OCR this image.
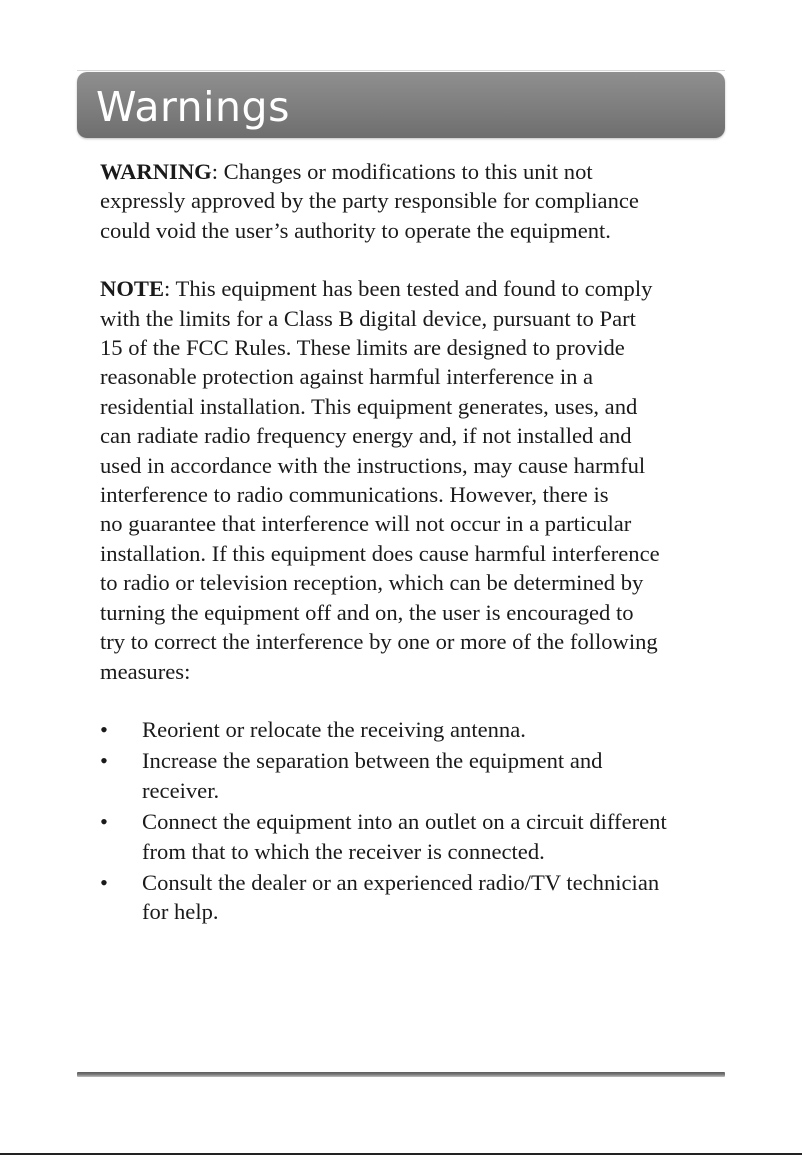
Warnings

WARNING: Changes or modifications to this unit not
expressly approved by the party responsible for compliance
could void the user’s authority to operate the equipment.

NOTE: This equipment has been tested and found to comply
with the limits for a Class B digital device, pursuant to Part
15 of the FCC Rules. These limits are designed to provide
reasonable protection against harmful interference in a
residential installation. This equipment generates, uses, and
can radiate radio frequency energy and, if not installed and
used in accordance with the instructions, may cause harmful
interference to radio communications. However, there is
no guarantee that interference will not occur in a particular
installation. If this equipment does cause harmful interference
to radio or television reception, which can be determined by
turning the equipment off and on, the user is encouraged to
try to correct the interference by one or more of the following
measures:

• Reorient or relocate the receiving antenna.
• Increase the separation between the equipment and
receiver.
• Connect the equipment into an outlet on a circuit different
from that to which the receiver is connected.
• Consult the dealer or an experienced radio/TV technician
for help.
